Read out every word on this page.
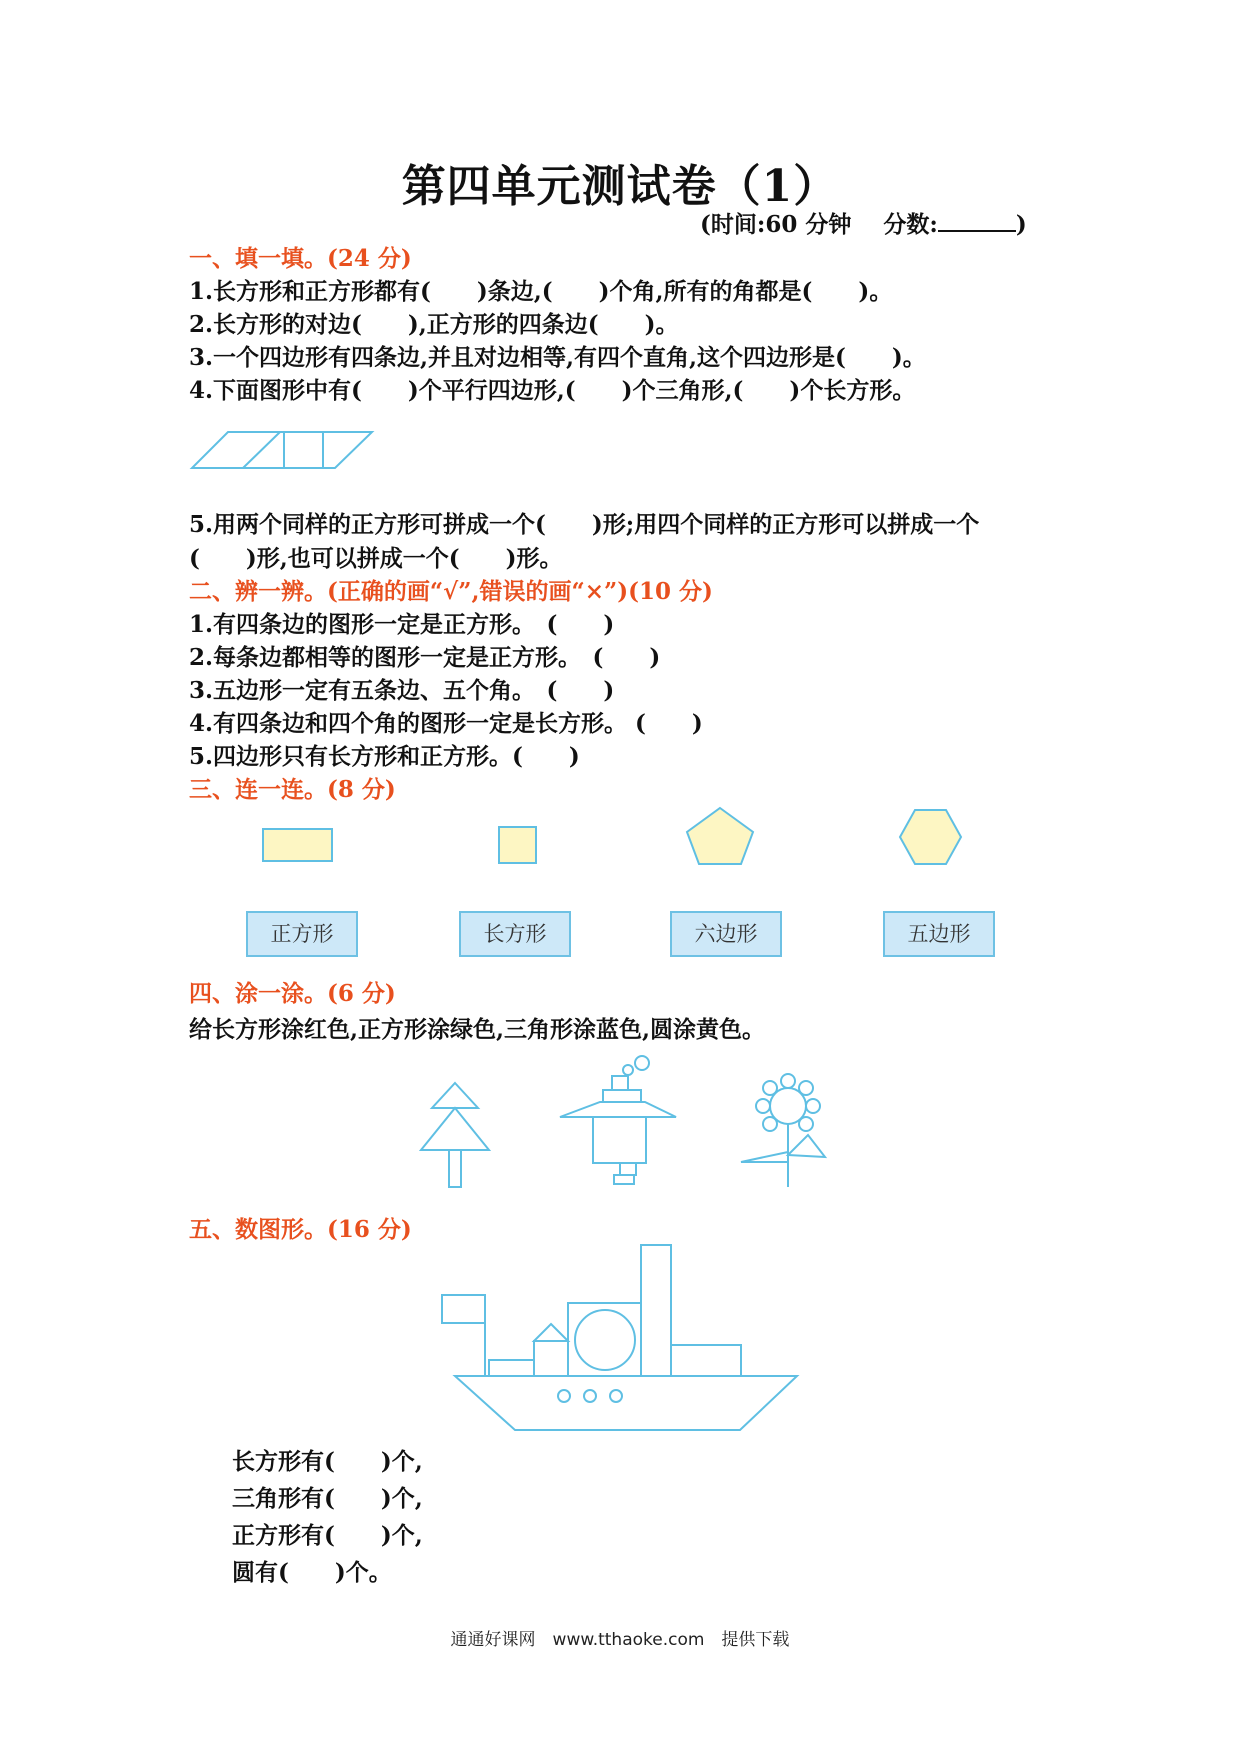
第四单元测试卷（1）
(时间:60 分钟 分数:	)
一、填一填。(24 分)
1.长方形和正方形都有(　　)条边,(　　)个角,所有的角都是(　　)。
2.长方形的对边(　　),正方形的四条边(　　)。
3.一个四边形有四条边,并且对边相等,有四个直角,这个四边形是(　　)。
4.下面图形中有(　　)个平行四边形,(　　)个三角形,(　　)个长方形。
5.用两个同样的正方形可拼成一个(　　)形;用四个同样的正方形可以拼成一个
(　　)形,也可以拼成一个(　　)形。
二、辨一辨。(正确的画“√”,错误的画“×”)(10 分)
1.有四条边的图形一定是正方形。　(　　)
2.每条边都相等的图形一定是正方形。　(　　)
3.五边形一定有五条边、五个角。　(　　)
4.有四条边和四个角的图形一定是长方形。 (　　)
5.四边形只有长方形和正方形。(　　)
三、连一连。(8 分)
正方形	长方形	六边形	五边形
四、涂一涂。(6 分)
给长方形涂红色,正方形涂绿色,三角形涂蓝色,圆涂黄色。
五、数图形。(16 分)
长方形有(　　)个,
三角形有(　　)个,
正方形有(　　)个,
圆有(　　)个。
通通好课网　www.tthaoke.com　提供下载
